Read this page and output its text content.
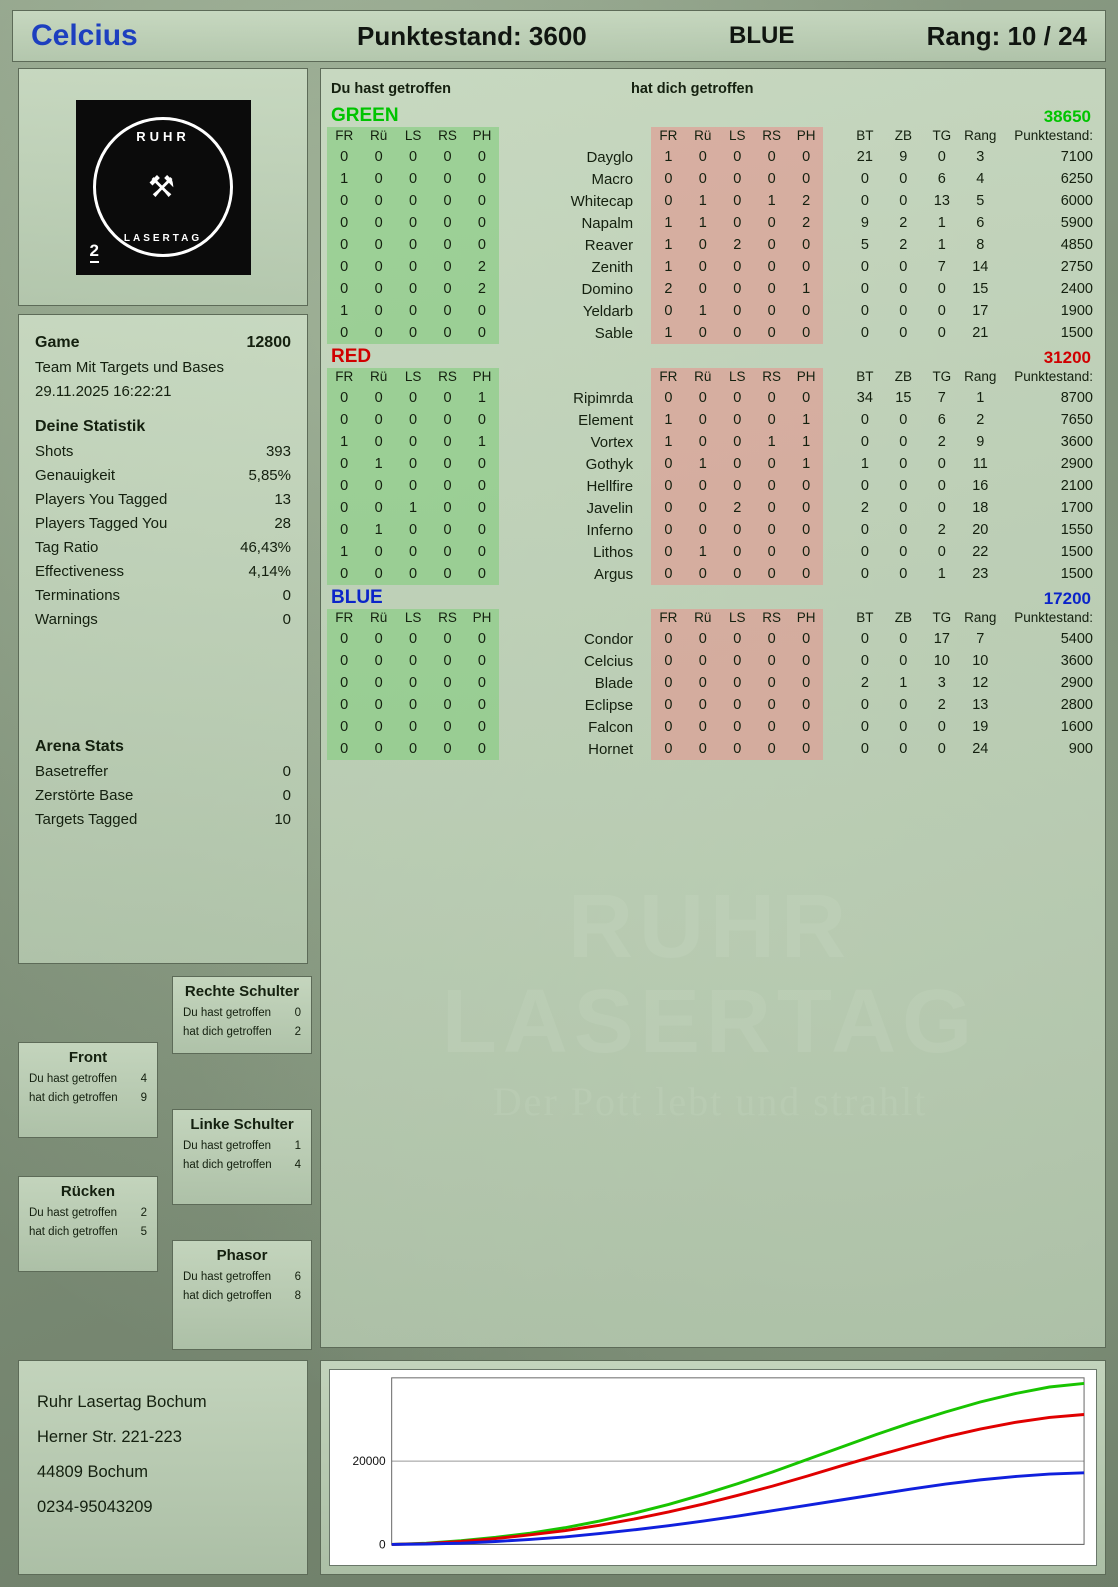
Celcius	Punktestand: 3600	BLUE	Rang: 10 / 24
RUHR
⚒
LASERTAG
2
Game	12800
Team Mit Targets und Bases
29.11.2025 16:22:21
Deine Statistik
Shots	393
Genauigkeit	5,85%
Players You Tagged	13
Players Tagged You	28
Tag Ratio	46,43%
Effectiveness	4,14%
Terminations	0
Warnings	0
Arena Stats
Basetreffer	0
Zerstörte Base	0
Targets Tagged	10
Rechte Schulter
Du hast getroffen 0
hat dich getroffen 2
Front
Du hast getroffen 4
hat dich getroffen 9
Linke Schulter
Du hast getroffen 1
hat dich getroffen 4
Rücken
Du hast getroffen 2
hat dich getroffen 5
Phasor
Du hast getroffen 6
hat dich getroffen 8
Ruhr Lasertag Bochum
Herner Str. 221-223
44809 Bochum
0234-95043209
Du hast getroffen	hat dich getroffen
GREEN	38650
FR	Rü	LS	RS	PH		FR	Rü	LS	RS	PH		BT	ZB	TG	Rang	Punktestand:
0	0	0	0	0	Dayglo	1	0	0	0	0		21	9	0	3	7100
1	0	0	0	0	Macro	0	0	0	0	0		0	0	6	4	6250
0	0	0	0	0	Whitecap	0	1	0	1	2		0	0	13	5	6000
0	0	0	0	0	Napalm	1	1	0	0	2		9	2	1	6	5900
0	0	0	0	0	Reaver	1	0	2	0	0		5	2	1	8	4850
0	0	0	0	2	Zenith	1	0	0	0	0		0	0	7	14	2750
0	0	0	0	2	Domino	2	0	0	0	1		0	0	0	15	2400
1	0	0	0	0	Yeldarb	0	1	0	0	0		0	0	0	17	1900
0	0	0	0	0	Sable	1	0	0	0	0		0	0	0	21	1500
RED	31200
FR	Rü	LS	RS	PH		FR	Rü	LS	RS	PH		BT	ZB	TG	Rang	Punktestand:
0	0	0	0	1	Ripimrda	0	0	0	0	0		34	15	7	1	8700
0	0	0	0	0	Element	1	0	0	0	1		0	0	6	2	7650
1	0	0	0	1	Vortex	1	0	0	1	1		0	0	2	9	3600
0	1	0	0	0	Gothyk	0	1	0	0	1		1	0	0	11	2900
0	0	0	0	0	Hellfire	0	0	0	0	0		0	0	0	16	2100
0	0	1	0	0	Javelin	0	0	2	0	0		2	0	0	18	1700
0	1	0	0	0	Inferno	0	0	0	0	0		0	0	2	20	1550
1	0	0	0	0	Lithos	0	1	0	0	0		0	0	0	22	1500
0	0	0	0	0	Argus	0	0	0	0	0		0	0	1	23	1500
BLUE	17200
FR	Rü	LS	RS	PH		FR	Rü	LS	RS	PH		BT	ZB	TG	Rang	Punktestand:
0	0	0	0	0	Condor	0	0	0	0	0		0	0	17	7	5400
0	0	0	0	0	Celcius	0	0	0	0	0		0	0	10	10	3600
0	0	0	0	0	Blade	0	0	0	0	0		2	1	3	12	2900
0	0	0	0	0	Eclipse	0	0	0	0	0		0	0	2	13	2800
0	0	0	0	0	Falcon	0	0	0	0	0		0	0	0	19	1600
0	0	0	0	0	Hornet	0	0	0	0	0		0	0	0	24	900
0
20000
